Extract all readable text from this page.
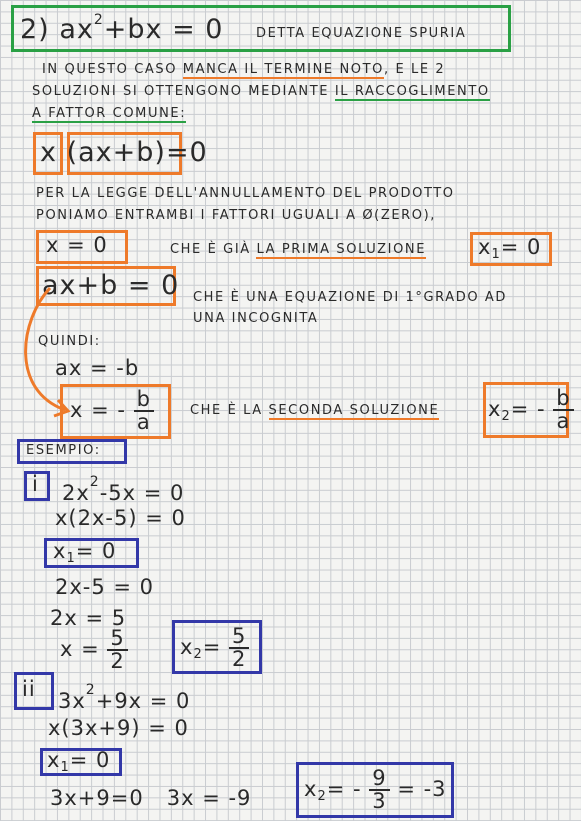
2) $ax^2+bx = 0$	DETTA EQUAZIONE SPURIA
IN QUESTO CASO MANCA IL TERMINE NOTO, E LE 2
SOLUZIONI SI OTTENGONO MEDIANTE IL RACCOGLIMENTO
A FATTOR COMUNE:
x (ax+b)=0
PER LA LEGGE DELL'ANNULLAMENTO DEL PRODOTTO
PONIAMO ENTRAMBI I FATTORI UGUALI A Ø(ZERO),
x = 0	CHE È GIÀ LA PRIMA SOLUZIONE $x_1= 0$
ax+b = 0 CHE È UNA EQUAZIONE DI 1°GRADO AD
UNA INCOGNITA
QUINDI:
ax = -b
x = - $\frac{b}{a}$	CHE È LA SECONDA SOLUZIONE $x_2= - \frac{b}{a}$
ESEMPIO:
i $2x^2-5x = 0$
x(2x-5) = 0
$x_1= 0$
2x-5 = 0
2x = 5
$x = \frac{5}{2} x_2= \frac{5}{2}$
ii $3x^2+9x = 0$
x(3x+9) = 0
$x_1= 0$
3x+9=0   3x = -9	$x_2= - \frac{9}{3} = -3$
